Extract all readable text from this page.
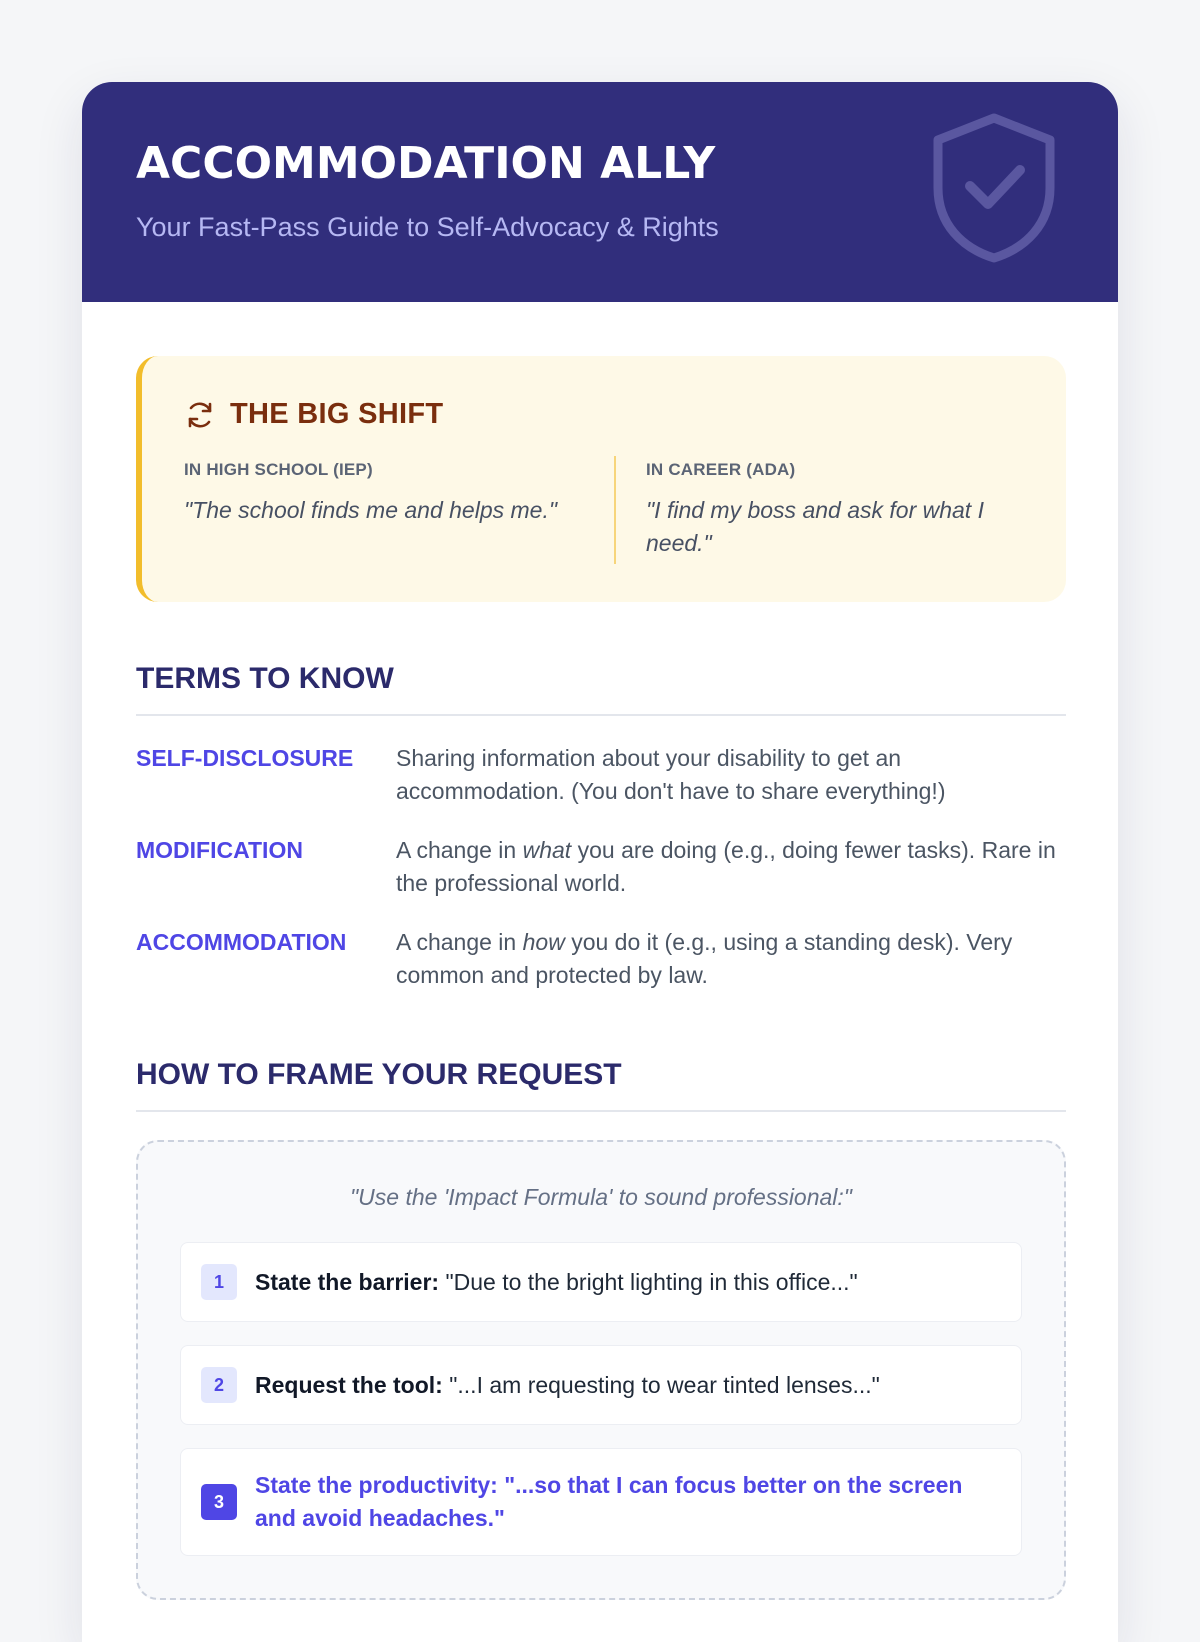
ACCOMMODATION ALLY

Your Fast-Pass Guide to Self-Advocacy & Rights

THE BIG SHIFT
IN HIGH SCHOOL (IEP)
"The school finds me and helps me."
IN CAREER (ADA)
"I find my boss and ask for what I need."
TERMS TO KNOW
SELF-DISCLOSURE	Sharing information about your disability to get an accommodation. (You don't have to share everything!)
MODIFICATION	A change in what you are doing (e.g., doing fewer tasks). Rare in the professional world.
ACCOMMODATION	A change in how you do it (e.g., using a standing desk). Very common and protected by law.
HOW TO FRAME YOUR REQUEST
"Use the 'Impact Formula' to sound professional:"
1	State the barrier: "Due to the bright lighting in this office..."
2	Request the tool: "...I am requesting to wear tinted lenses..."
3
State the productivity: "...so that I can focus better on the screen and avoid headaches."
